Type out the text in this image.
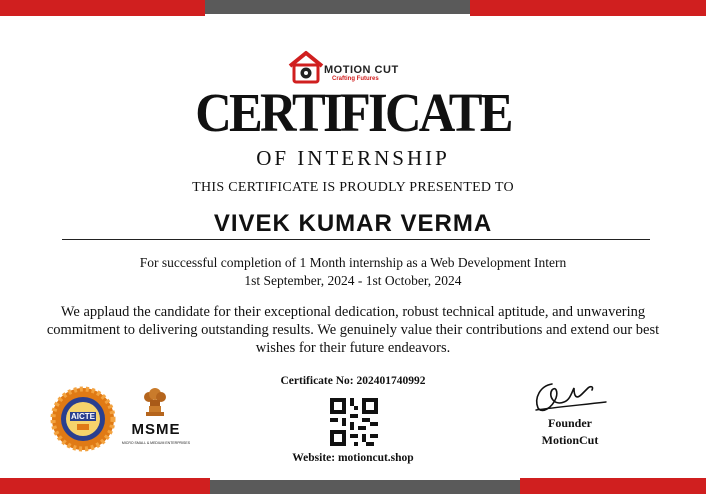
MOTION CUT
Crafting Futures
CERTIFICATE
OF INTERNSHIP
THIS CERTIFICATE IS PROUDLY PRESENTED TO
VIVEK KUMAR VERMA
For successful completion of 1 Month internship as a Web Development Intern
1st September, 2024 - 1st October, 2024
We applaud the candidate for their exceptional dedication, robust technical aptitude, and unwavering
commitment to delivering outstanding results. We genuinely value their contributions and extend our best
wishes for their future endeavors.
Certificate No: 202401740992
Website: motioncut.shop
AICTE
MSME
MICRO SMALL & MEDIUM ENTERPRISES
Founder
MotionCut
